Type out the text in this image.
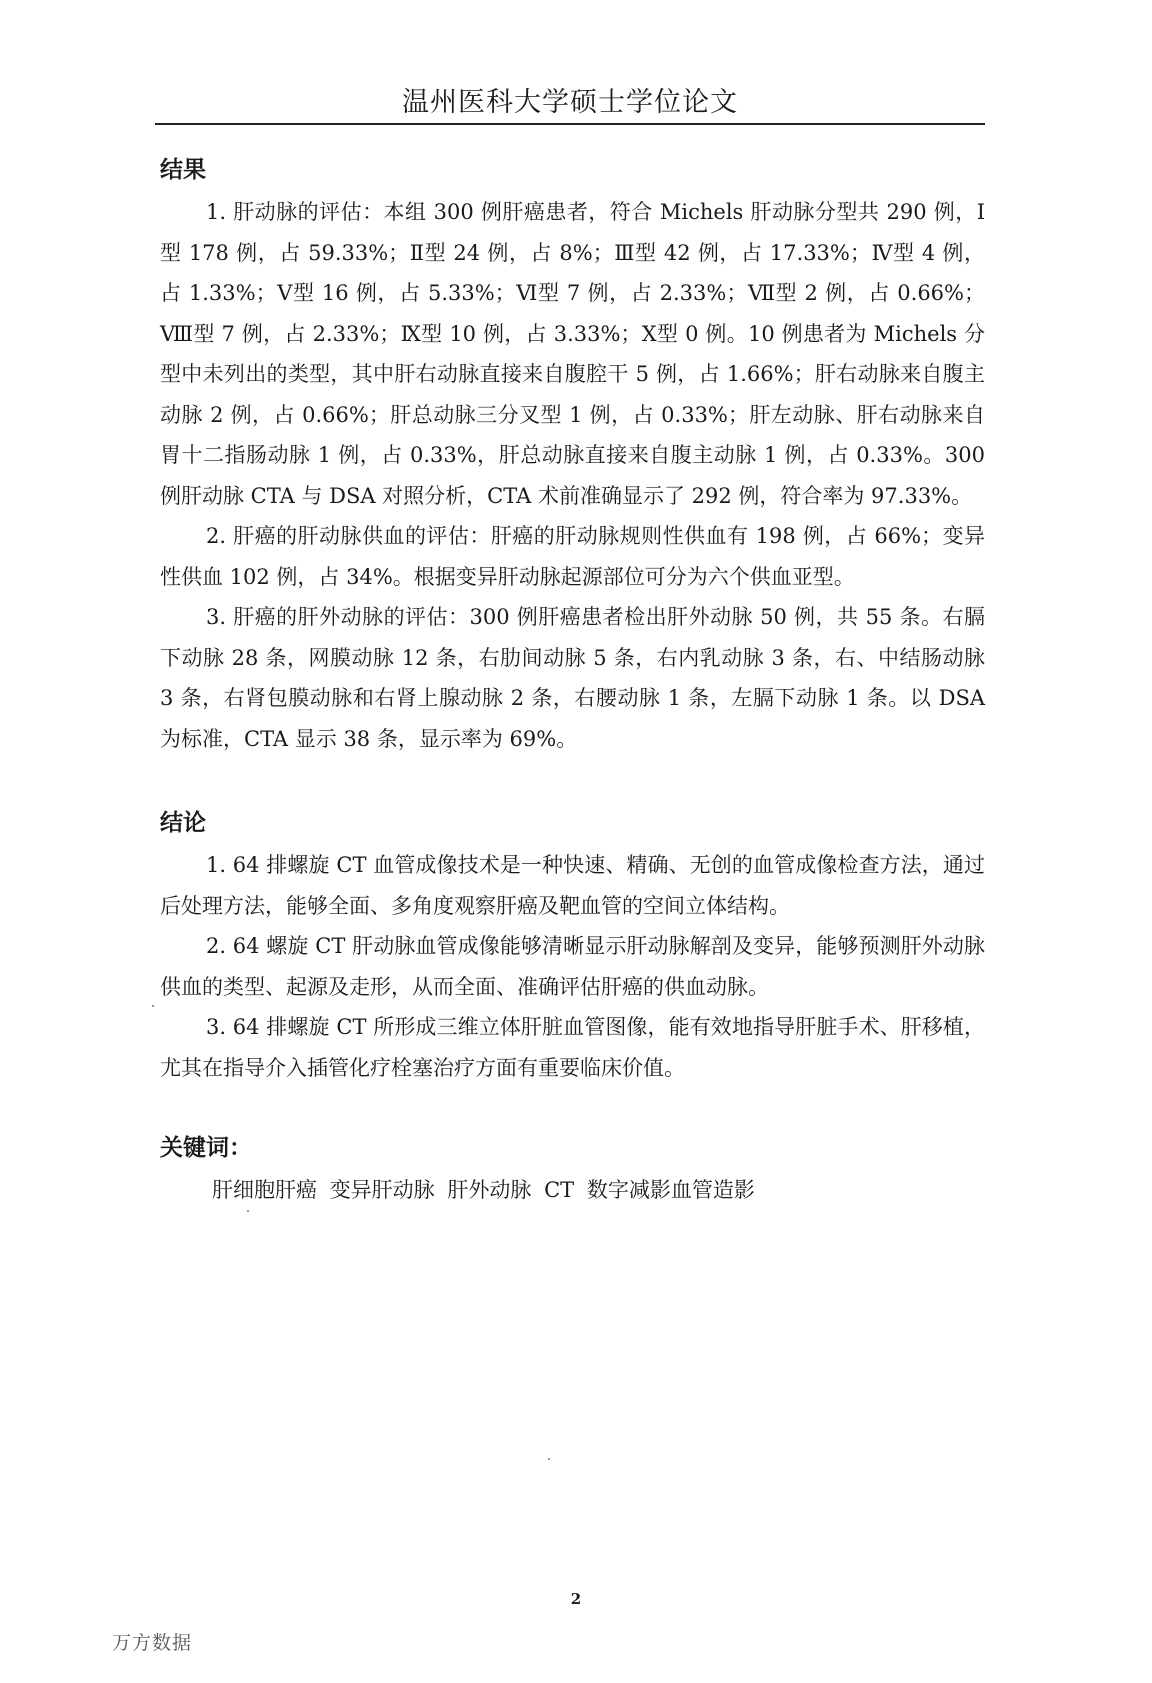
温州医科大学硕士学位论文
结果

1. 肝动脉的评估：本组 300 例肝癌患者，符合 Michels 肝动脉分型共 290 例，Ⅰ型 178 例，占 59.33%；Ⅱ型 24 例，占 8%；Ⅲ型 42 例，占 17.33%；Ⅳ型 4 例，占 1.33%；Ⅴ型 16 例，占 5.33%；Ⅵ型 7 例，占 2.33%；Ⅶ型 2 例，占 0.66%；Ⅷ型 7 例，占 2.33%；Ⅸ型 10 例，占 3.33%；Ⅹ型 0 例。10 例患者为 Michels 分型中未列出的类型，其中肝右动脉直接来自腹腔干 5 例，占 1.66%；肝右动脉来自腹主动脉 2 例，占 0.66%；肝总动脉三分叉型 1 例，占 0.33%；肝左动脉、肝右动脉来自胃十二指肠动脉 1 例，占 0.33%，肝总动脉直接来自腹主动脉 1 例，占 0.33%。300 例肝动脉 CTA 与 DSA 对照分析，CTA 术前准确显示了 292 例，符合率为 97.33%。

2. 肝癌的肝动脉供血的评估：肝癌的肝动脉规则性供血有 198 例，占 66%；变异性供血 102 例，占 34%。根据变异肝动脉起源部位可分为六个供血亚型。

3. 肝癌的肝外动脉的评估：300 例肝癌患者检出肝外动脉 50 例，共 55 条。右膈下动脉 28 条，网膜动脉 12 条，右肋间动脉 5 条，右内乳动脉 3 条，右、中结肠动脉 3 条，右肾包膜动脉和右肾上腺动脉 2 条，右腰动脉 1 条，左膈下动脉 1 条。以 DSA 为标准，CTA 显示 38 条，显示率为 69%。

结论

1. 64 排螺旋 CT 血管成像技术是一种快速、精确、无创的血管成像检查方法，通过后处理方法，能够全面、多角度观察肝癌及靶血管的空间立体结构。

2. 64 螺旋 CT 肝动脉血管成像能够清晰显示肝动脉解剖及变异，能够预测肝外动脉供血的类型、起源及走形，从而全面、准确评估肝癌的供血动脉。

3. 64 排螺旋 CT 所形成三维立体肝脏血管图像，能有效地指导肝脏手术、肝移植，尤其在指导介入插管化疗栓塞治疗方面有重要临床价值。

关键词：

肝细胞肝癌 变异肝动脉 肝外动脉 CT 数字减影血管造影

2
万方数据
